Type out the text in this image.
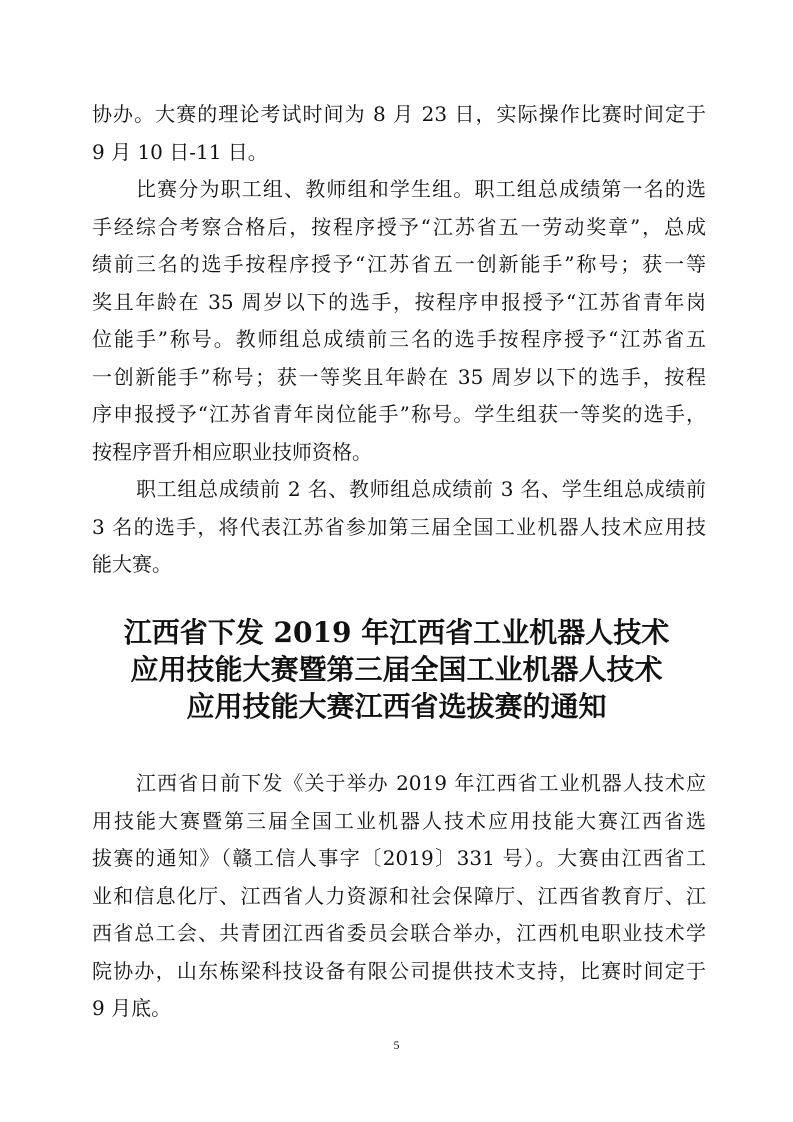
协办。大赛的理论考试时间为 8 月 23 日，实际操作比赛时间定于
9 月 10 日-11 日。

比赛分为职工组、教师组和学生组。职工组总成绩第一名的选
手经综合考察合格后，按程序授予“江苏省五一劳动奖章”，总成
绩前三名的选手按程序授予“江苏省五一创新能手”称号；获一等
奖且年龄在 35 周岁以下的选手，按程序申报授予“江苏省青年岗
位能手”称号。教师组总成绩前三名的选手按程序授予“江苏省五
一创新能手”称号；获一等奖且年龄在 35 周岁以下的选手，按程
序申报授予“江苏省青年岗位能手”称号。学生组获一等奖的选手，
按程序晋升相应职业技师资格。

职工组总成绩前 2 名、教师组总成绩前 3 名、学生组总成绩前
3 名的选手，将代表江苏省参加第三届全国工业机器人技术应用技
能大赛。

江西省下发 2019 年江西省工业机器人技术
应用技能大赛暨第三届全国工业机器人技术
应用技能大赛江西省选拔赛的通知

江西省日前下发《关于举办 2019 年江西省工业机器人技术应
用技能大赛暨第三届全国工业机器人技术应用技能大赛江西省选
拔赛的通知》（赣工信人事字〔2019〕331 号）。大赛由江西省工
业和信息化厅、江西省人力资源和社会保障厅、江西省教育厅、江
西省总工会、共青团江西省委员会联合举办，江西机电职业技术学
院协办，山东栋梁科技设备有限公司提供技术支持，比赛时间定于
9 月底。

5
